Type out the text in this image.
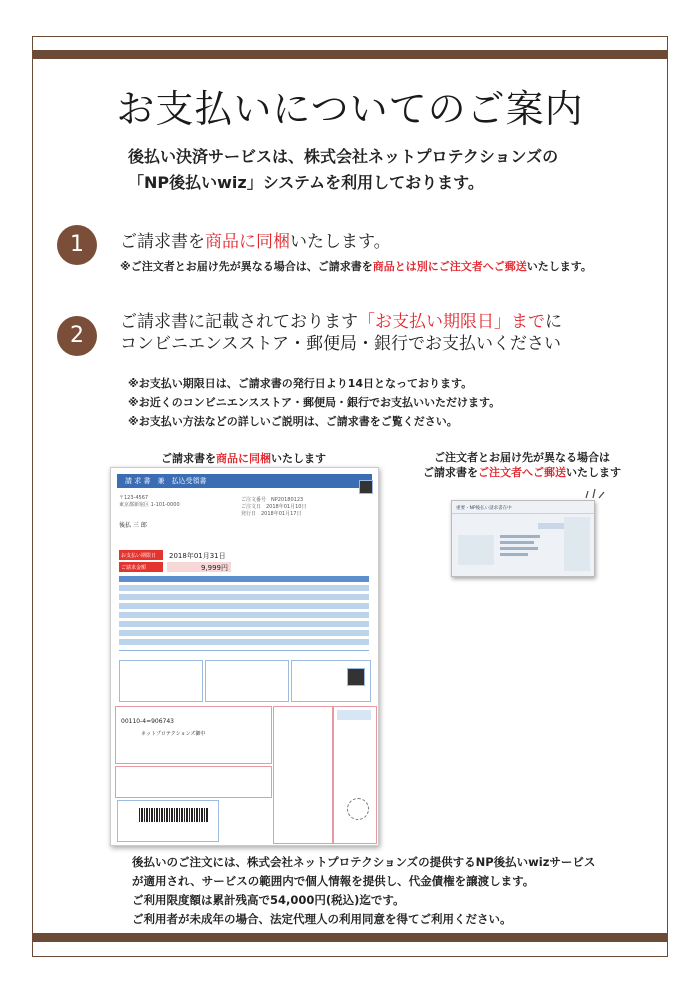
お支払いについてのご案内
後払い決済サービスは、株式会社ネットプロテクションズの
「NP後払いwiz」システムを利用しております。
1	ご請求書を商品に同梱いたします。
※ご注文者とお届け先が異なる場合は、ご請求書を商品とは別にご注文者へご郵送いたします。
2
ご請求書に記載されております「お支払い期限日」までに
コンビニエンスストア・郵便局・銀行でお支払いください
※お支払い期限日は、ご請求書の発行日より14日となっております。
※お近くのコンビニエンスストア・郵便局・銀行でお支払いいただけます。
※お支払い方法などの詳しいご説明は、ご請求書をご覧ください。
ご請求書を商品に同梱いたします	ご注文者とお届け先が異なる場合は
ご請求書をご注文者へご郵送いたします
請 求 書　兼　払込受領書
〒123-4567
東京都新宿区 1-101-0000
後払 三 郎
ご注文番号　NP20180123
ご注文日　2018年01月10日
発行日　2018年01月17日
お支払い期限日 2018年01月31日
ご請求金額	9,999円
00110-4=906743
ネットプロテクションズ御中
重要・NP後払い請求書在中
後払いのご注文には、株式会社ネットプロテクションズの提供するNP後払いwizサービス
が適用され、サービスの範囲内で個人情報を提供し、代金債権を譲渡します。
ご利用限度額は累計残高で54,000円(税込)迄です。
ご利用者が未成年の場合、法定代理人の利用同意を得てご利用ください。
